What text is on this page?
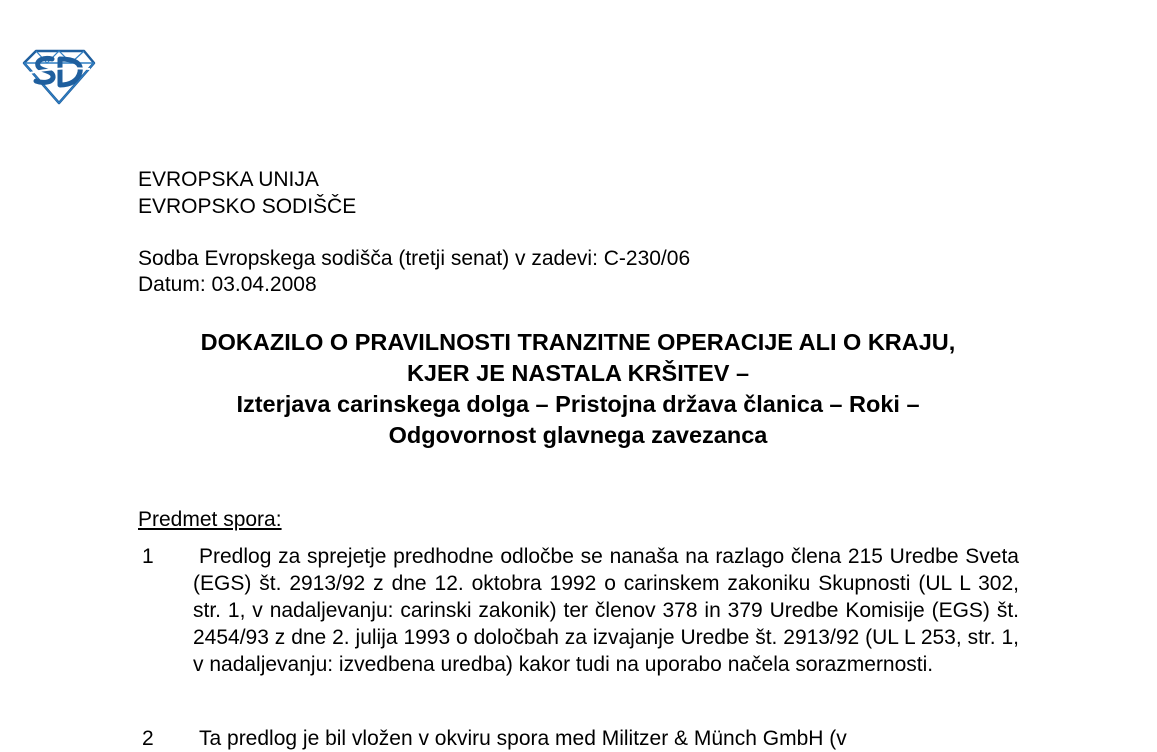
EVROPSKA UNIJA
EVROPSKO SODIŠČE
Sodba Evropskega sodišča (tretji senat) v zadevi: C-230/06
Datum: 03.04.2008
DOKAZILO O PRAVILNOSTI TRANZITNE OPERACIJE ALI O KRAJU,
KJER JE NASTALA KRŠITEV –
Izterjava carinskega dolga – Pristojna država članica – Roki –
Odgovornost glavnega zavezanca
Predmet spora:
1 Predlog za sprejetje predhodne odločbe se nanaša na razlago člena 215 Uredbe Sveta (EGS) št. 2913/92 z dne 12. oktobra 1992 o carinskem zakoniku Skupnosti (UL L 302, str. 1, v nadaljevanju: carinski zakonik) ter členov 378 in 379 Uredbe Komisije (EGS) št. 2454/93 z dne 2. julija 1993 o določbah za izvajanje Uredbe št. 2913/92 (UL L 253, str. 1, v nadaljevanju: izvedbena uredba) kakor tudi na uporabo načela sorazmernosti.
2 Ta predlog je bil vložen v okviru spora med Militzer & Münch GmbH (v
